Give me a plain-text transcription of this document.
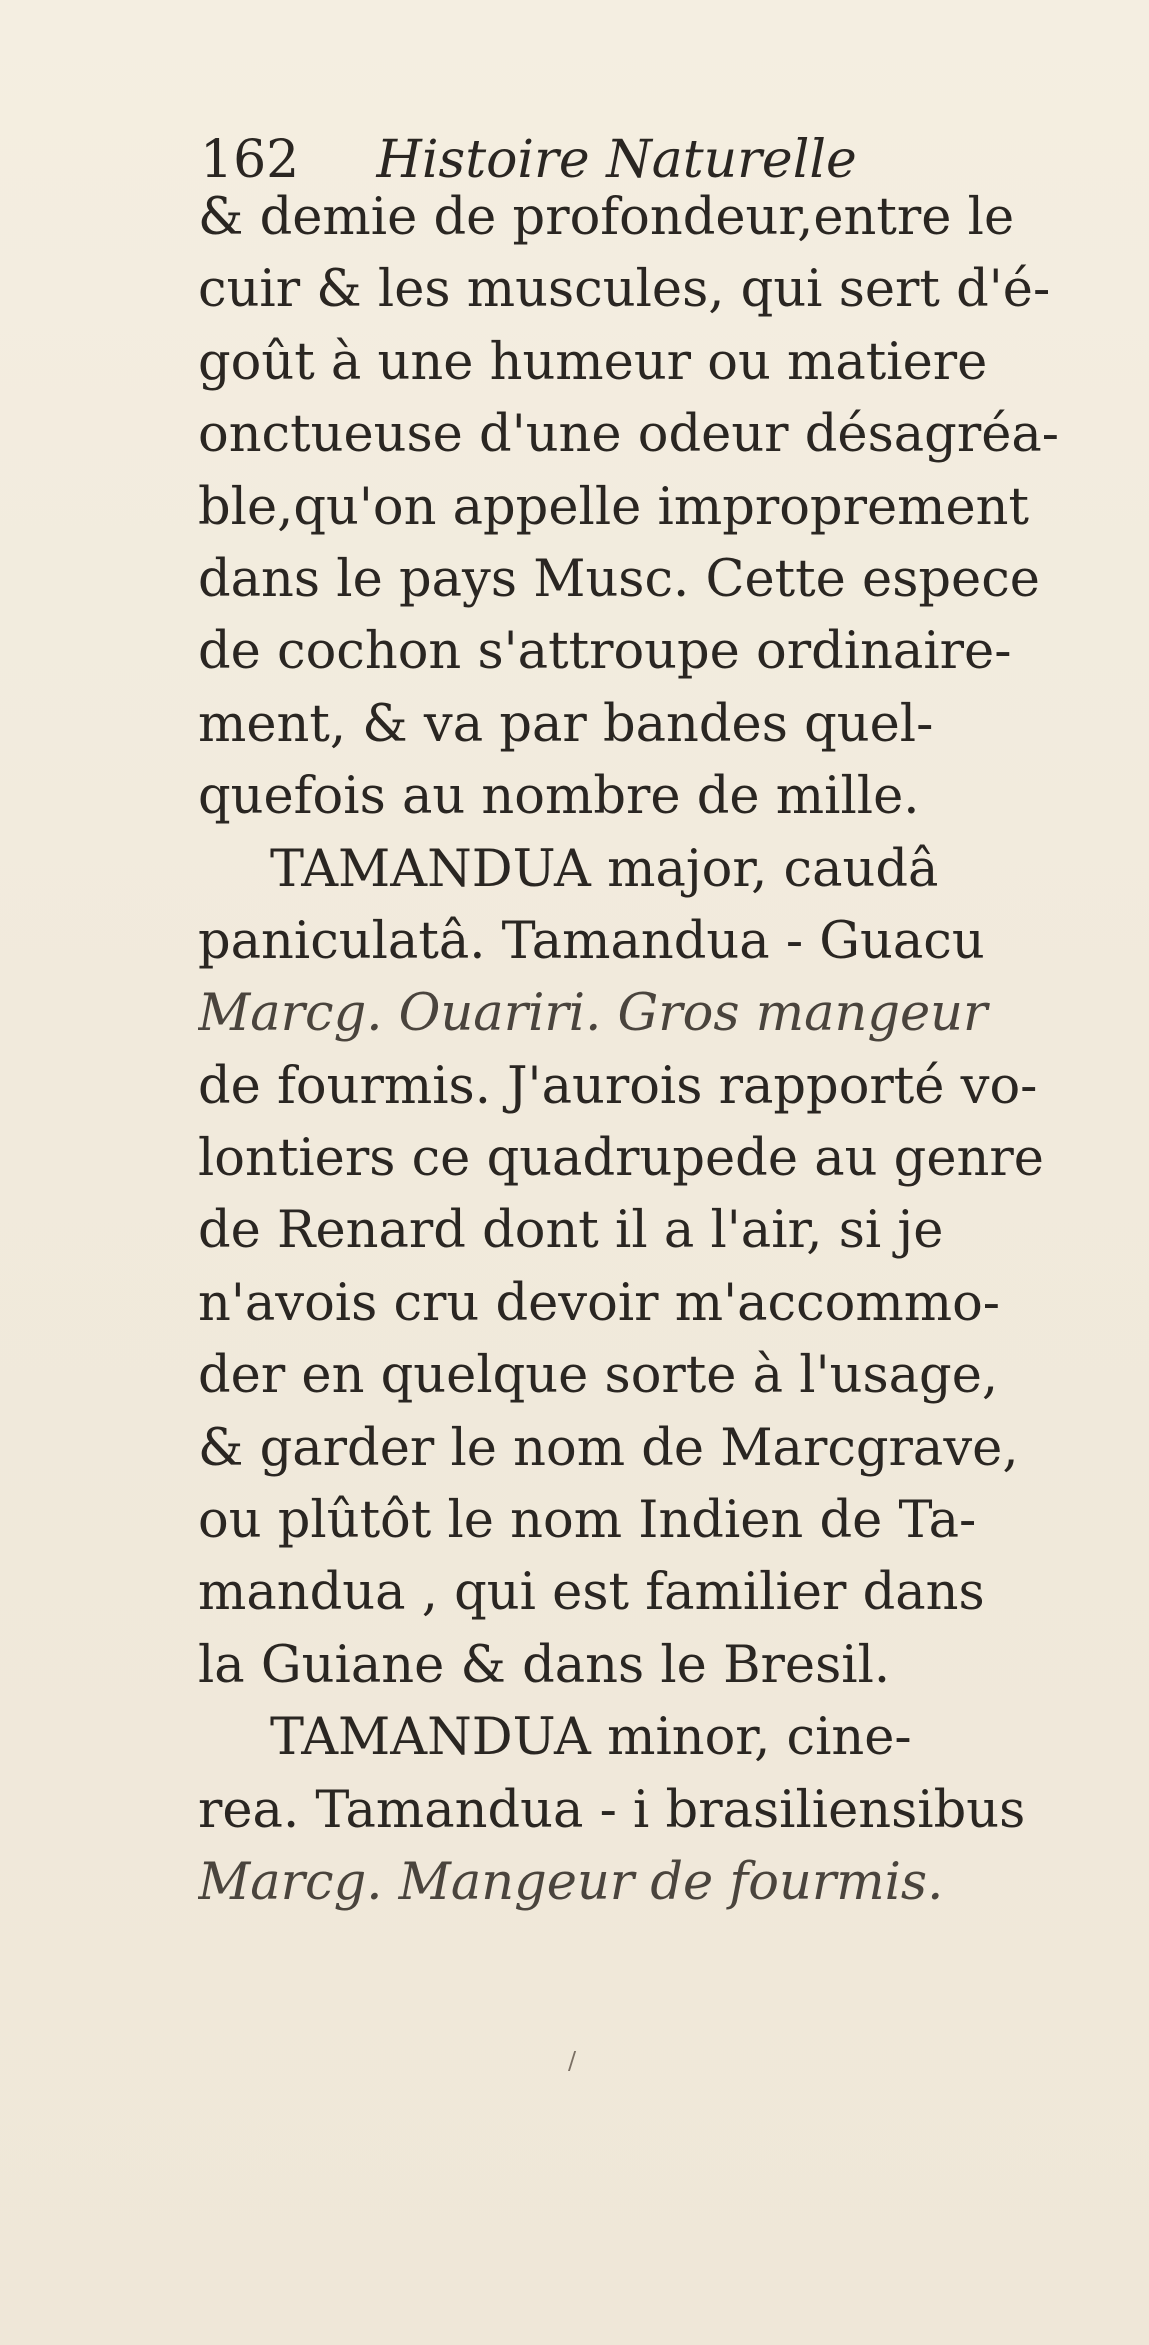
162 Histoire Naturelle
& demie de profondeur,entre le
cuir & les muscules, qui sert d'é-
goût à une humeur ou matiere
onctueuse d'une odeur désagréa-
ble,qu'on appelle improprement
dans le pays Musc. Cette espece
de cochon s'attroupe ordinaire-
ment, & va par bandes quel-
quefois au nombre de mille.
TAMANDUA major, caudâ
paniculatâ. Tamandua - Guacu
Marcg. Ouariri. Gros mangeur
de fourmis. J'aurois rapporté vo-
lontiers ce quadrupede au genre
de Renard dont il a l'air, si je
n'avois cru devoir m'accommo-
der en quelque sorte à l'usage,
& garder le nom de Marcgrave,
ou plûtôt le nom Indien de Ta-
mandua , qui est familier dans
la Guiane & dans le Bresil.
TAMANDUA minor, cine-
rea. Tamandua - i brasiliensibus
Marcg. Mangeur de fourmis.
/
